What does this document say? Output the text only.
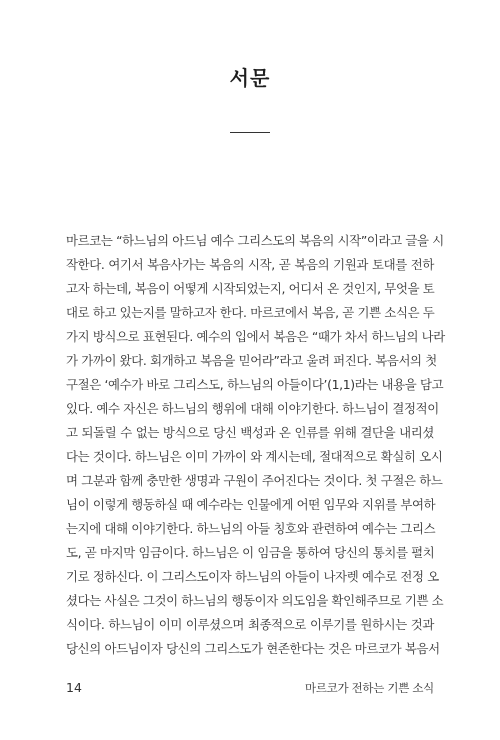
서문
마르코는 “하느님의 아드님 예수 그리스도의 복음의 시작”이라고 글을 시
작한다. 여기서 복음사가는 복음의 시작, 곧 복음의 기원과 토대를 전하
고자 하는데, 복음이 어떻게 시작되었는지, 어디서 온 것인지, 무엇을 토
대로 하고 있는지를 말하고자 한다. 마르코에서 복음, 곧 기쁜 소식은 두
가지 방식으로 표현된다. 예수의 입에서 복음은 “때가 차서 하느님의 나라
가 가까이 왔다. 회개하고 복음을 믿어라”라고 울려 퍼진다. 복음서의 첫
구절은 ‘예수가 바로 그리스도, 하느님의 아들이다’(1,1)라는 내용을 담고
있다. 예수 자신은 하느님의 행위에 대해 이야기한다. 하느님이 결정적이
고 되돌릴 수 없는 방식으로 당신 백성과 온 인류를 위해 결단을 내리셨
다는 것이다. 하느님은 이미 가까이 와 계시는데, 절대적으로 확실히 오시
며 그분과 함께 충만한 생명과 구원이 주어진다는 것이다. 첫 구절은 하느
님이 이렇게 행동하실 때 예수라는 인물에게 어떤 임무와 지위를 부여하
는지에 대해 이야기한다. 하느님의 아들 칭호와 관련하여 예수는 그리스
도, 곧 마지막 임금이다. 하느님은 이 임금을 통하여 당신의 통치를 펼치
기로 정하신다. 이 그리스도이자 하느님의 아들이 나자렛 예수로 전정 오
셨다는 사실은 그것이 하느님의 행동이자 의도임을 확인해주므로 기쁜 소
식이다. 하느님이 이미 이루셨으며 최종적으로 이루기를 원하시는 것과
당신의 아드님이자 당신의 그리스도가 현존한다는 것은 마르코가 복음서
14	마르코가 전하는 기쁜 소식
